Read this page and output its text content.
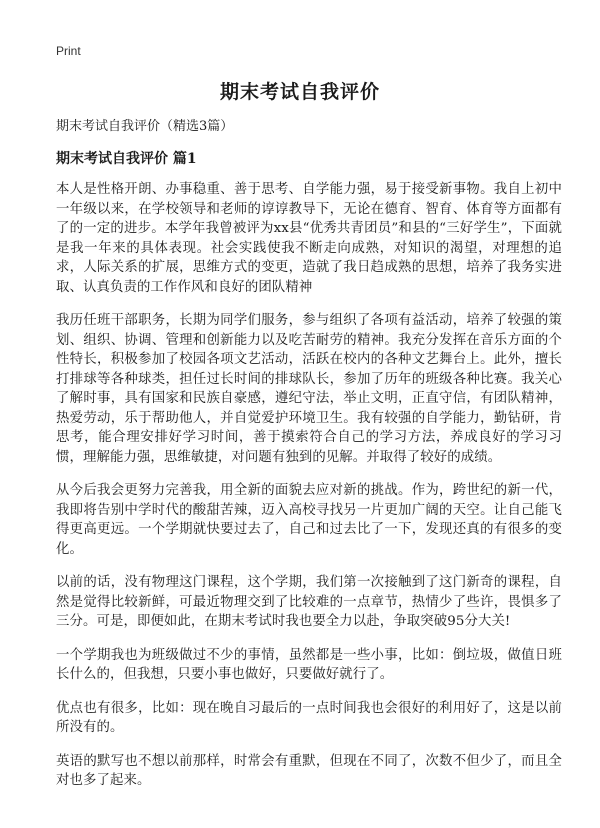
Print
期末考试自我评价
期末考试自我评价（精选3篇）
期末考试自我评价 篇1

本人是性格开朗、办事稳重、善于思考、自学能力强，易于接受新事物。我自上初中一年级以来，在学校领导和老师的谆谆教导下，无论在德育、智育、体育等方面都有了的一定的进步。本学年我曾被评为xx县“优秀共青团员”和县的“三好学生”，下面就是我一年来的具体表现。社会实践使我不断走向成熟，对知识的渴望，对理想的追求，人际关系的扩展，思维方式的变更，造就了我日趋成熟的思想，培养了我务实进取、认真负责的工作作风和良好的团队精神

我历任班干部职务，长期为同学们服务，参与组织了各项有益活动，培养了较强的策划、组织、协调、管理和创新能力以及吃苦耐劳的精神。我充分发挥在音乐方面的个性特长，积极参加了校园各项文艺活动，活跃在校内的各种文艺舞台上。此外，擅长打排球等各种球类，担任过长时间的排球队长，参加了历年的班级各种比赛。我关心了解时事，具有国家和民族自豪感，遵纪守法，举止文明，正直守信，有团队精神，热爱劳动，乐于帮助他人，并自觉爱护环境卫生。我有较强的自学能力，勤钻研，肯思考，能合理安排好学习时间，善于摸索符合自己的学习方法，养成良好的学习习惯，理解能力强，思维敏捷，对问题有独到的见解。并取得了较好的成绩。

从今后我会更努力完善我，用全新的面貌去应对新的挑战。作为，跨世纪的新一代，我即将告别中学时代的酸甜苦辣，迈入高校寻找另一片更加广阔的天空。让自己能飞得更高更远。一个学期就快要过去了，自己和过去比了一下，发现还真的有很多的变化。

以前的话，没有物理这门课程，这个学期，我们第一次接触到了这门新奇的课程，自然是觉得比较新鲜，可最近物理交到了比较难的一点章节，热情少了些许，畏惧多了三分。可是，即便如此，在期末考试时我也要全力以赴，争取突破95分大关!

一个学期我也为班级做过不少的事情，虽然都是一些小事，比如：倒垃圾，做值日班长什么的，但我想，只要小事也做好，只要做好就行了。

优点也有很多，比如：现在晚自习最后的一点时间我也会很好的利用好了，这是以前所没有的。

英语的默写也不想以前那样，时常会有重默，但现在不同了，次数不但少了，而且全对也多了起来。
